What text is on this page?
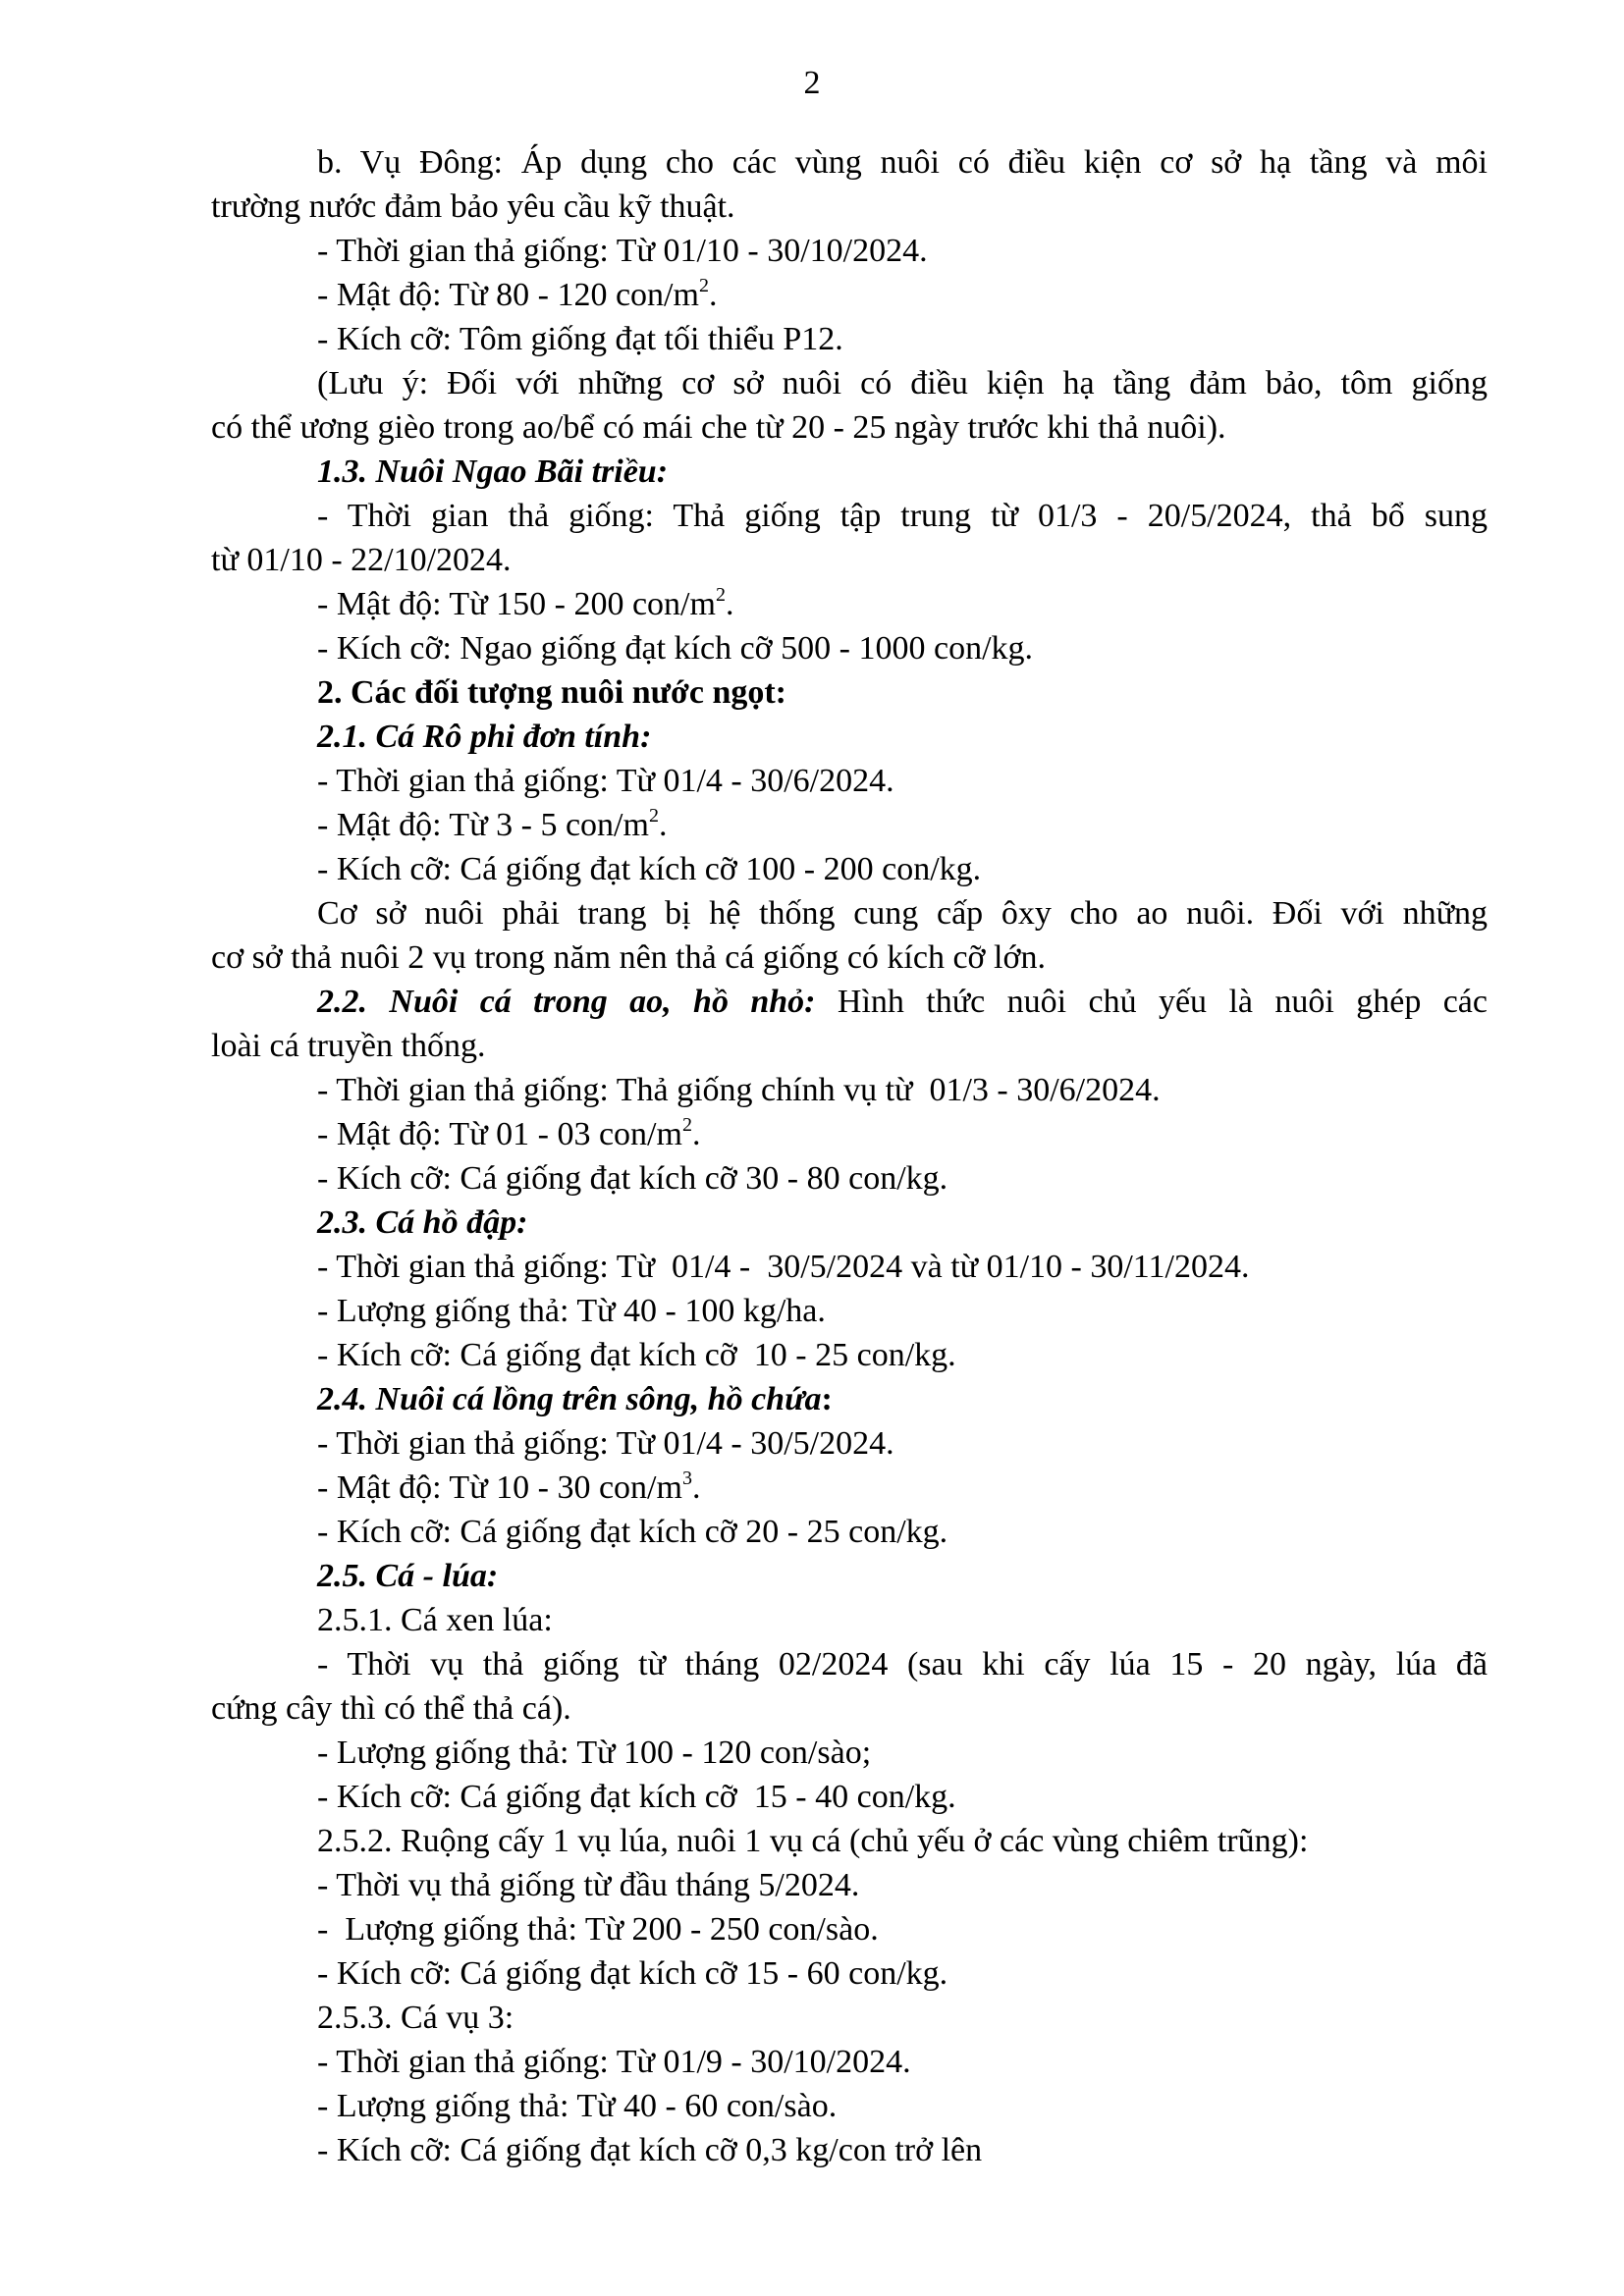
2
b. Vụ Đông: Áp dụng cho các vùng nuôi có điều kiện cơ sở hạ tầng và môi
trường nước đảm bảo yêu cầu kỹ thuật.
- Thời gian thả giống: Từ 01/10 - 30/10/2024.
- Mật độ: Từ 80 - 120 con/$m^2$.
- Kích cỡ: Tôm giống đạt tối thiểu P12.
(Lưu ý: Đối với những cơ sở nuôi có điều kiện hạ tầng đảm bảo, tôm giống
có thể ương gièo trong ao/bể có mái che từ 20 - 25 ngày trước khi thả nuôi).
1.3. Nuôi Ngao Bãi triều:
- Thời gian thả giống: Thả giống tập trung từ 01/3 - 20/5/2024, thả bổ sung
từ 01/10 - 22/10/2024.
- Mật độ: Từ 150 - 200 con/$m^2$.
- Kích cỡ: Ngao giống đạt kích cỡ 500 - 1000 con/kg.
2. Các đối tượng nuôi nước ngọt:
2.1. Cá Rô phi đơn tính:
- Thời gian thả giống: Từ 01/4 - 30/6/2024.
- Mật độ: Từ 3 - 5 con/$m^2$.
- Kích cỡ: Cá giống đạt kích cỡ 100 - 200 con/kg.
Cơ sở nuôi phải trang bị hệ thống cung cấp ôxy cho ao nuôi. Đối với những
cơ sở thả nuôi 2 vụ trong năm nên thả cá giống có kích cỡ lớn.
2.2. Nuôi cá trong ao, hồ nhỏ: Hình thức nuôi chủ yếu là nuôi ghép các
loài cá truyền thống.
- Thời gian thả giống: Thả giống chính vụ từ  01/3 - 30/6/2024.
- Mật độ: Từ 01 - 03 con/$m^2$.
- Kích cỡ: Cá giống đạt kích cỡ 30 - 80 con/kg.
2.3. Cá hồ đập:
- Thời gian thả giống: Từ  01/4 -  30/5/2024 và từ 01/10 - 30/11/2024.
- Lượng giống thả: Từ 40 - 100 kg/ha.
- Kích cỡ: Cá giống đạt kích cỡ  10 - 25 con/kg.
2.4. Nuôi cá lồng trên sông, hồ chứa:
- Thời gian thả giống: Từ 01/4 - 30/5/2024.
- Mật độ: Từ 10 - 30 con/$m^3$.
- Kích cỡ: Cá giống đạt kích cỡ 20 - 25 con/kg.
2.5. Cá - lúa:
2.5.1. Cá xen lúa:
- Thời vụ thả giống từ tháng 02/2024 (sau khi cấy lúa 15 - 20 ngày, lúa đã
cứng cây thì có thể thả cá).
- Lượng giống thả: Từ 100 - 120 con/sào;
- Kích cỡ: Cá giống đạt kích cỡ  15 - 40 con/kg.
2.5.2. Ruộng cấy 1 vụ lúa, nuôi 1 vụ cá (chủ yếu ở các vùng chiêm trũng):
- Thời vụ thả giống từ đầu tháng 5/2024.
-  Lượng giống thả: Từ 200 - 250 con/sào.
- Kích cỡ: Cá giống đạt kích cỡ 15 - 60 con/kg.
2.5.3. Cá vụ 3:
- Thời gian thả giống: Từ 01/9 - 30/10/2024.
- Lượng giống thả: Từ 40 - 60 con/sào.
- Kích cỡ: Cá giống đạt kích cỡ 0,3 kg/con trở lên
